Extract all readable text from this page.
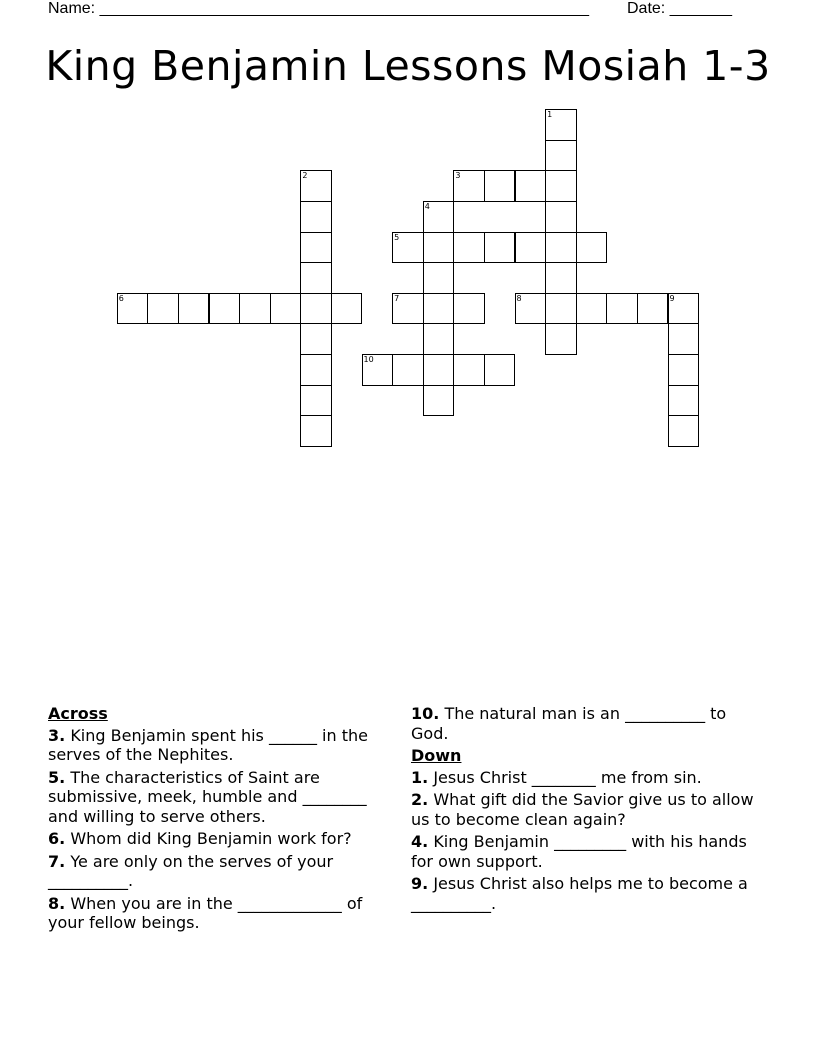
Name: _______________________________________________________ Date: _______
King Benjamin Lessons Mosiah 1-3
1
2	3
4
5
6	7	8	9
10
Across
3. King Benjamin spent his ______ in the serves of the Nephites.
5. The characteristics of Saint are submissive, meek, humble and ________ and willing to serve others.
6. Whom did King Benjamin work for?
7. Ye are only on the serves of your __________.
8. When you are in the _____________ of your fellow beings.
10. The natural man is an __________ to God.
Down
1. Jesus Christ ________ me from sin.
2. What gift did the Savior give us to allow us to become clean again?
4. King Benjamin _________ with his hands for own support.
9. Jesus Christ also helps me to become a __________.
